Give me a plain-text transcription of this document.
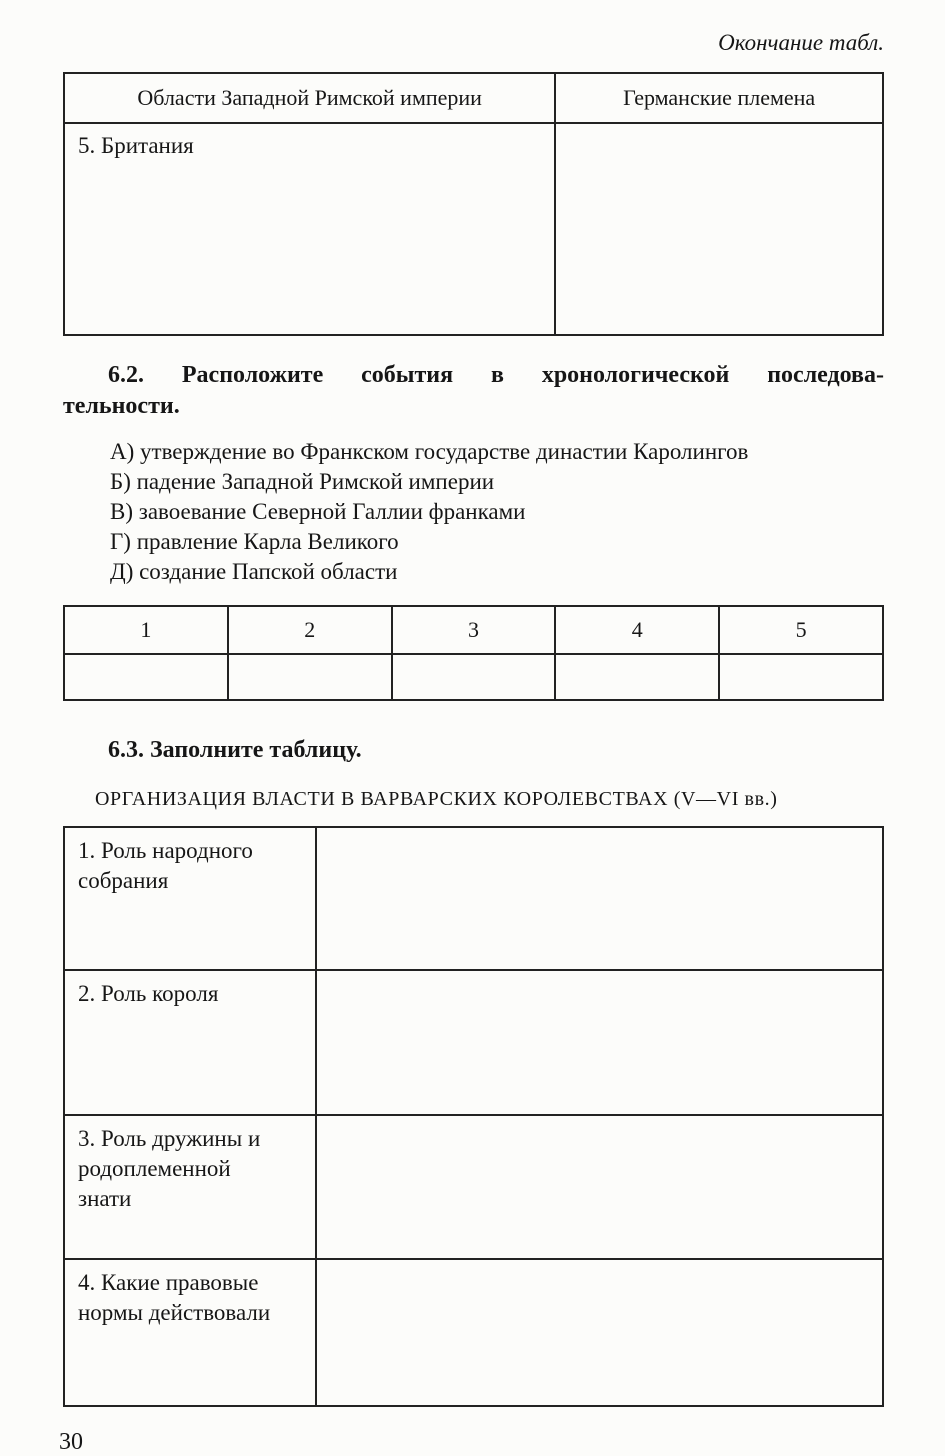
Окончание табл.
Области Западной Римской империи	Германские племена
5. Британия	
6.2. Расположите события в хронологической последова-
тельности.
А) утверждение во Франкском государстве династии Каролингов
Б) падение Западной Римской империи
В) завоевание Северной Галлии франками
Г) правление Карла Великого
Д) создание Папской области
1	2	3	4	5

6.3. Заполните таблицу.
ОРГАНИЗАЦИЯ ВЛАСТИ В ВАРВАРСКИХ КОРОЛЕВСТВАХ (V—VI вв.)
1. Роль народного собрания	
2. Роль короля	
3. Роль дружины и родоплеменной знати	
4. Какие правовые нормы действовали	
30
